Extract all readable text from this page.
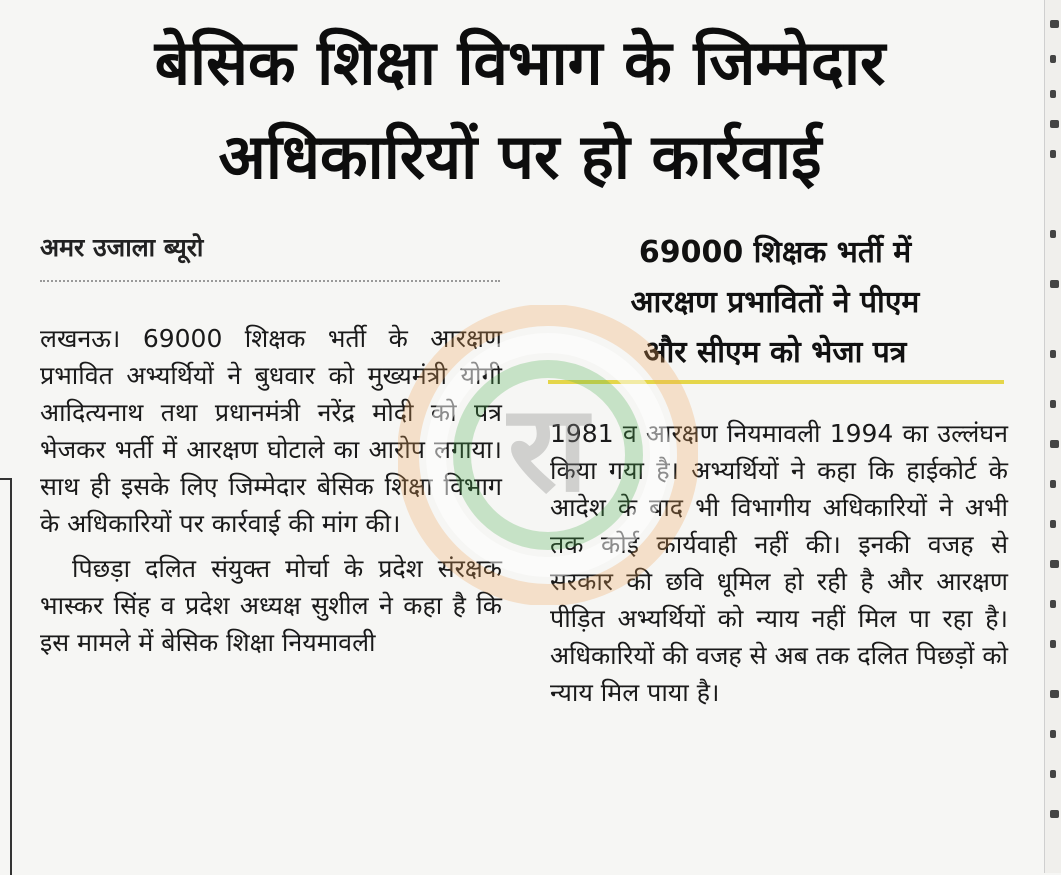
बेसिक शिक्षा विभाग के जिम्मेदार
अधिकारियों पर हो कार्रवाई
अमर उजाला ब्यूरो	69000 शिक्षक भर्ती में
आरक्षण प्रभावितों ने पीएम
और सीएम को भेजा पत्र

लखनऊ। 69000 शिक्षक भर्ती के आरक्षण प्रभावित अभ्यर्थियों ने बुधवार को मुख्यमंत्री योगी आदित्यनाथ तथा प्रधानमंत्री नरेंद्र मोदी को पत्र भेजकर भर्ती में आरक्षण घोटाले का आरोप लगाया। साथ ही इसके लिए जिम्मेदार बेसिक शिक्षा विभाग के अधिकारियों पर कार्रवाई की मांग की।

पिछड़ा दलित संयुक्त मोर्चा के प्रदेश संरक्षक भास्कर सिंह व प्रदेश अध्यक्ष सुशील ने कहा है कि इस मामले में बेसिक शिक्षा नियमावली

1981 व आरक्षण नियमावली 1994 का उल्लंघन किया गया है। अभ्यर्थियों ने कहा कि हाईकोर्ट के आदेश के बाद भी विभागीय अधिकारियों ने अभी तक कोई कार्यवाही नहीं की। इनकी वजह से सरकार की छवि धूमिल हो रही है और आरक्षण पीड़ित अभ्यर्थियों को न्याय नहीं मिल पा रहा है। अधिकारियों की वजह से अब तक दलित पिछड़ों को न्याय मिल पाया है।

रा
